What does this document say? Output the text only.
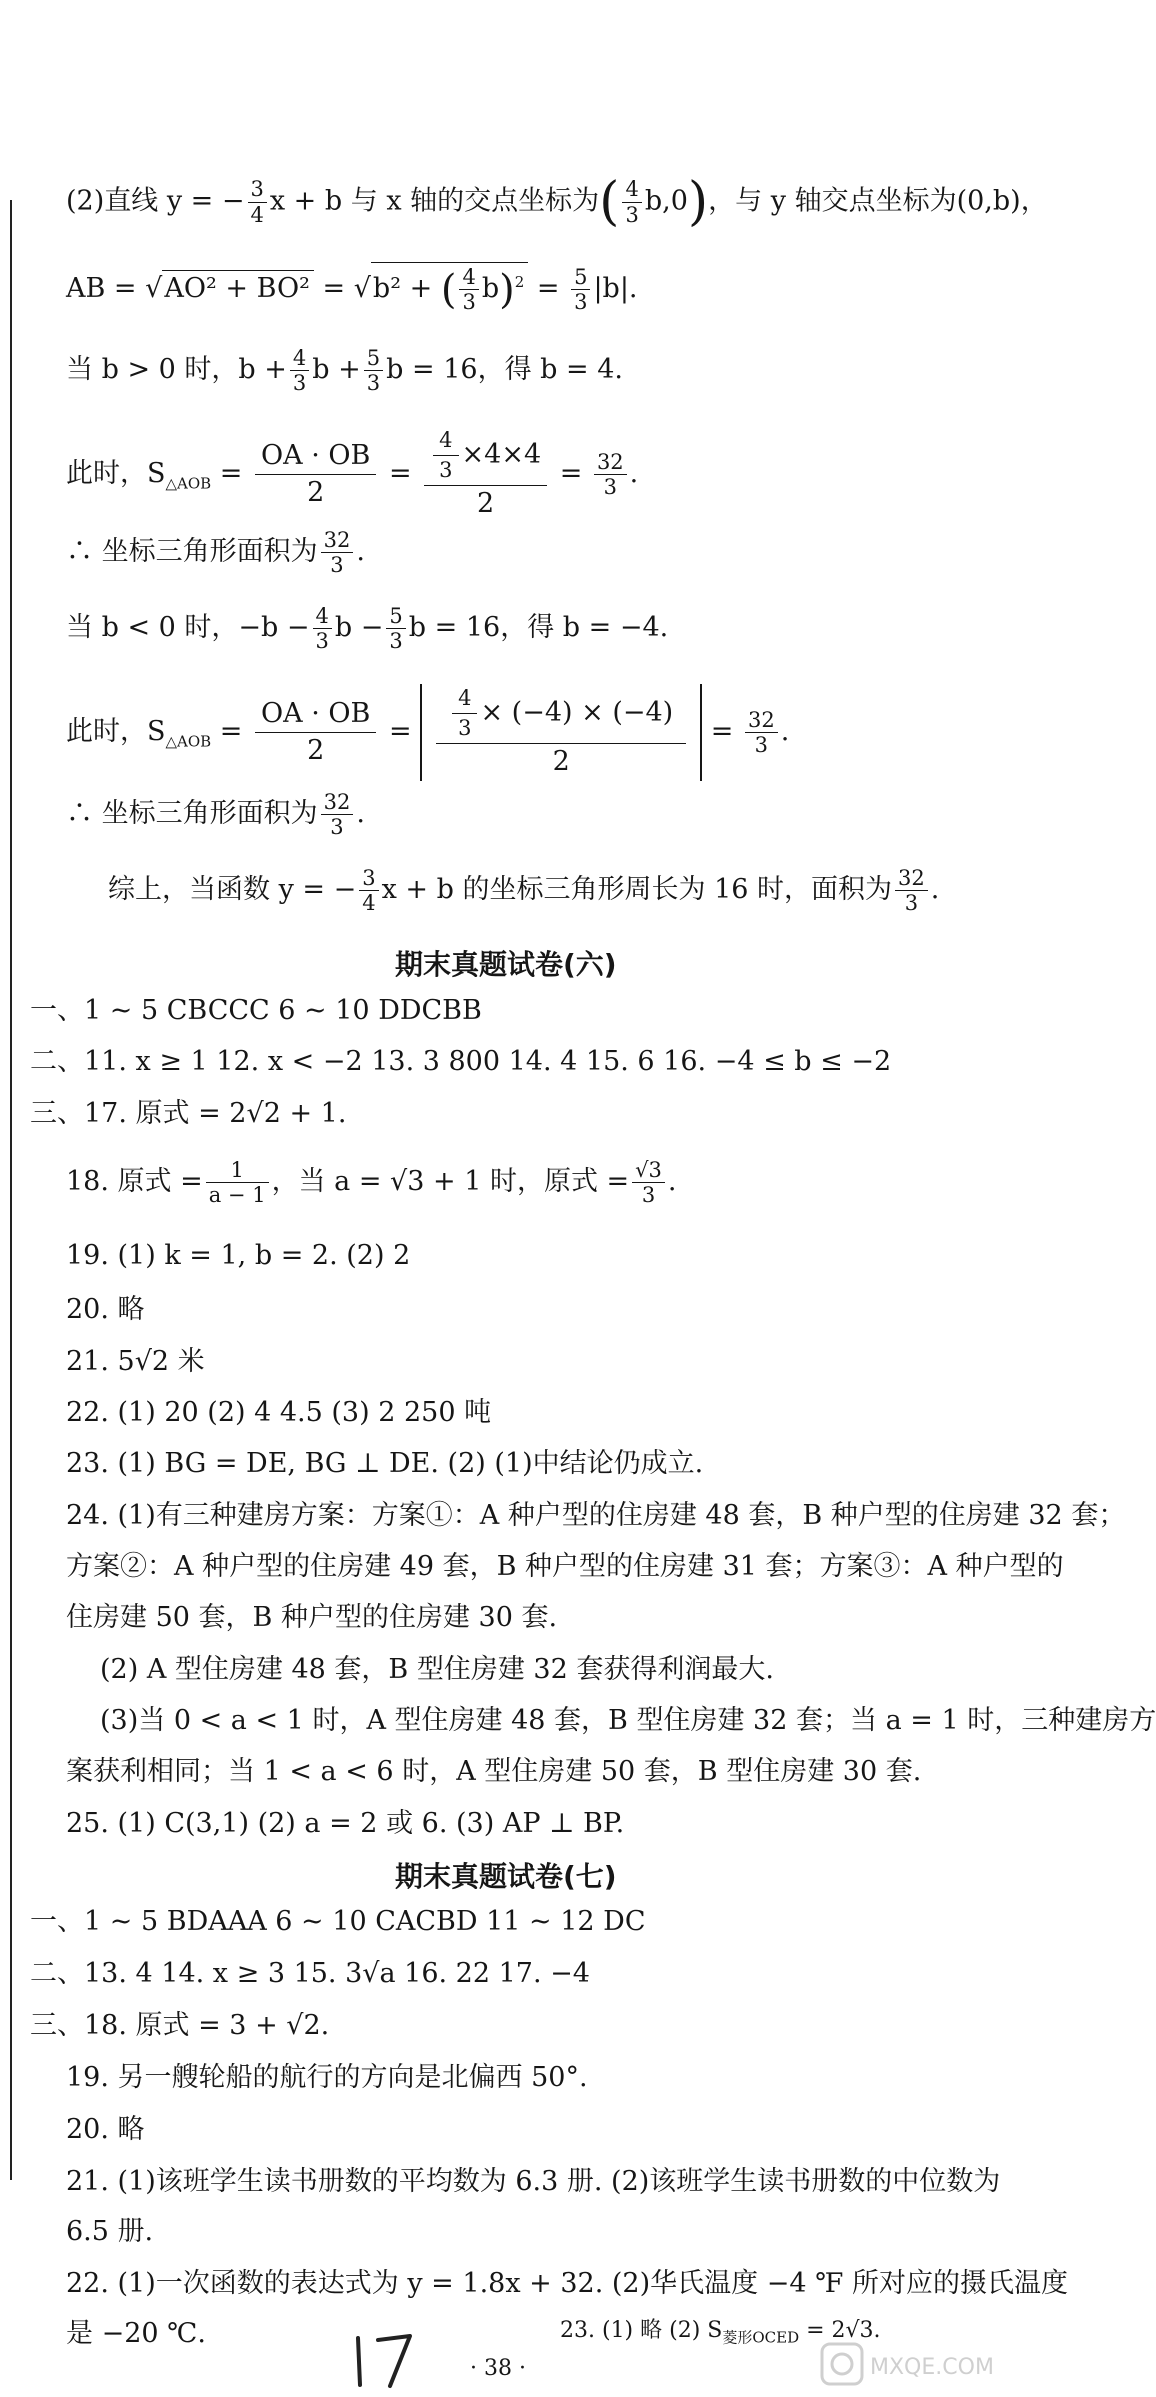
(2)直线 y = − $\frac{3}{4}$ x + b 与 x 轴的交点坐标为( $\frac{4}{3} b,0$)，与 y 轴交点坐标为(0,b)，
AB = √AO² + BO² = √b² + ( $\frac{4}{3} b)^2 = \frac{5}{3} |b|$.
当 b > 0 时，$b + \frac{4}{3}$ $b + \frac{5}{3}$ b = 16，得 b = 4.
此时，$S_{\triangle AOB} = \frac{OA \cdot OB}{2} = \frac{\frac{4}{3} \times 4\times 4}{2} = \frac{32}{3}$ .
∴ 坐标三角形面积为 $\frac{32}{3}$ .
当 b < 0 时，$-b - \frac{4}{3}$ $b - \frac{5}{3}$ b = 16，得 b = −4.
此时，$S_{\triangle AOB} = \frac{OA \cdot OB}{2} = \frac{\frac{4}{3} \times (-4) \times (-4)}{2} = \frac{32}{3}$ .
∴ 坐标三角形面积为 $\frac{32}{3}$ .
综上，当函数 y = − $\frac{3}{4}$ x + b 的坐标三角形周长为 16 时，面积为 $\frac{32}{3}$ .
期末真题试卷(六)
一、1 ~ 5 CBCCC 6 ~ 10 DDCBB
二、11. x ≥ 1 12. x < −2 13. 3 800 14. 4 15. 6 16. −4 ≤ b ≤ −2
三、17. 原式 = 2√2 + 1.
18. 原式 = $\frac{1}{a - 1}$ ，当 a = √3 + 1 时，原式 = $\frac{√3}{3}$ .
19. (1) k = 1, b = 2. (2) 2
20. 略
21. 5√2 米
22. (1) 20 (2) 4 4.5 (3) 2 250 吨
23. (1) BG = DE, BG ⊥ DE. (2) (1)中结论仍成立.
24. (1)有三种建房方案：方案①：A 种户型的住房建 48 套，B 种户型的住房建 32 套；
方案②：A 种户型的住房建 49 套，B 种户型的住房建 31 套；方案③：A 种户型的
住房建 50 套，B 种户型的住房建 30 套.
(2) A 型住房建 48 套，B 型住房建 32 套获得利润最大.
(3)当 0 < a < 1 时，A 型住房建 48 套，B 型住房建 32 套；当 a = 1 时，三种建房方
案获利相同；当 1 < a < 6 时，A 型住房建 50 套，B 型住房建 30 套.
25. (1) C(3,1) (2) a = 2 或 6. (3) AP ⊥ BP.
期末真题试卷(七)
一、1 ~ 5 BDAAA 6 ~ 10 CACBD 11 ~ 12 DC
二、13. 4 14. x ≥ 3 15. 3√a 16. 22 17. −4
三、18. 原式 = 3 + √2.
19. 另一艘轮船的航行的方向是北偏西 50°.
20. 略
21. (1)该班学生读书册数的平均数为 6.3 册. (2)该班学生读书册数的中位数为
6.5 册.
22. (1)一次函数的表达式为 y = 1.8x + 32. (2)华氏温度 −4 ℉ 所对应的摄氏温度
是 −20 ℃.	23. (1) 略 (2) $S_{菱形OCED} = 2√3$.
· 38 ·	MXQE.COM
